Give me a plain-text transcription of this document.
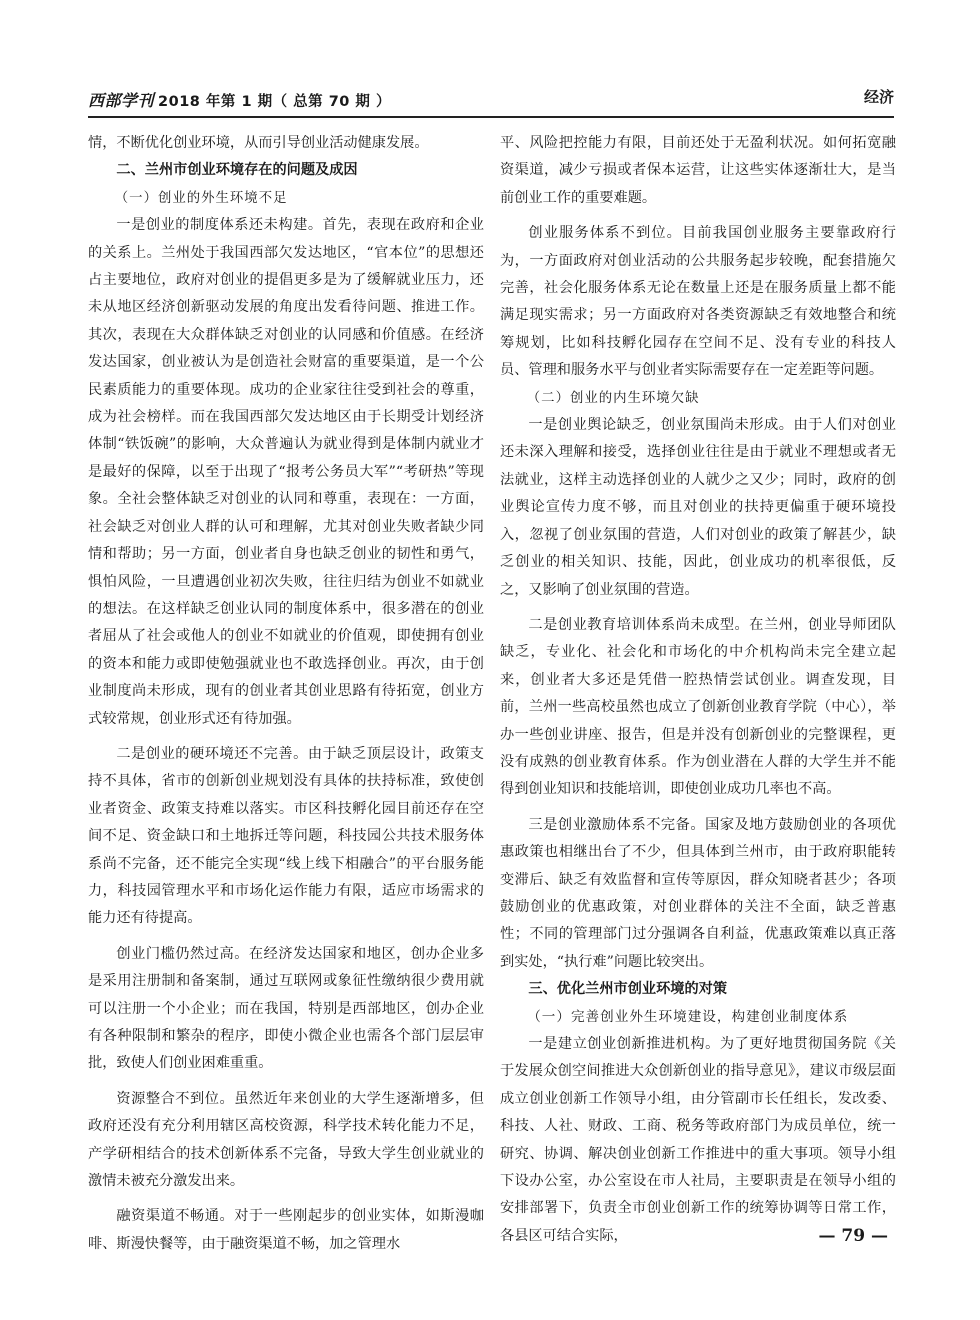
西部学刊 2018 年第 1 期（ 总第 70 期 ）	经济

情，不断优化创业环境，从而引导创业活动健康发展。

二、兰州市创业环境存在的问题及成因
（一）创业的外生环境不足

一是创业的制度体系还未构建。首先，表现在政府和企业的关系上。兰州处于我国西部欠发达地区，“官本位”的思想还占主要地位，政府对创业的提倡更多是为了缓解就业压力，还未从地区经济创新驱动发展的角度出发看待问题、推进工作。其次，表现在大众群体缺乏对创业的认同感和价值感。在经济发达国家，创业被认为是创造社会财富的重要渠道，是一个公民素质能力的重要体现。成功的企业家往往受到社会的尊重，成为社会榜样。而在我国西部欠发达地区由于长期受计划经济体制“铁饭碗”的影响，大众普遍认为就业得到是体制内就业才是最好的保障，以至于出现了“报考公务员大军”“考研热”等现象。全社会整体缺乏对创业的认同和尊重，表现在：一方面，社会缺乏对创业人群的认可和理解，尤其对创业失败者缺少同情和帮助；另一方面，创业者自身也缺乏创业的韧性和勇气，惧怕风险，一旦遭遇创业初次失败，往往归结为创业不如就业的想法。在这样缺乏创业认同的制度体系中，很多潜在的创业者屈从了社会或他人的创业不如就业的价值观，即使拥有创业的资本和能力或即使勉强就业也不敢选择创业。再次，由于创业制度尚未形成，现有的创业者其创业思路有待拓宽，创业方式较常规，创业形式还有待加强。

二是创业的硬环境还不完善。由于缺乏顶层设计，政策支持不具体，省市的创新创业规划没有具体的扶持标准，致使创业者资金、政策支持难以落实。市区科技孵化园目前还存在空间不足、资金缺口和土地拆迁等问题，科技园公共技术服务体系尚不完备，还不能完全实现“线上线下相融合”的平台服务能力，科技园管理水平和市场化运作能力有限，适应市场需求的能力还有待提高。

创业门槛仍然过高。在经济发达国家和地区，创办企业多是采用注册制和备案制，通过互联网或象征性缴纳很少费用就可以注册一个小企业；而在我国，特别是西部地区，创办企业有各种限制和繁杂的程序，即使小微企业也需各个部门层层审批，致使人们创业困难重重。

资源整合不到位。虽然近年来创业的大学生逐渐增多，但政府还没有充分利用辖区高校资源，科学技术转化能力不足，产学研相结合的技术创新体系不完备，导致大学生创业就业的激情未被充分激发出来。

融资渠道不畅通。对于一些刚起步的创业实体，如斯漫咖啡、斯漫快餐等，由于融资渠道不畅，加之管理水

平、风险把控能力有限，目前还处于无盈利状况。如何拓宽融资渠道，减少亏损或者保本运营，让这些实体逐渐壮大，是当前创业工作的重要难题。

创业服务体系不到位。目前我国创业服务主要靠政府行为，一方面政府对创业活动的公共服务起步较晚，配套措施欠完善，社会化服务体系无论在数量上还是在服务质量上都不能满足现实需求；另一方面政府对各类资源缺乏有效地整合和统筹规划，比如科技孵化园存在空间不足、没有专业的科技人员、管理和服务水平与创业者实际需要存在一定差距等问题。

（二）创业的内生环境欠缺

一是创业舆论缺乏，创业氛围尚未形成。由于人们对创业还未深入理解和接受，选择创业往往是由于就业不理想或者无法就业，这样主动选择创业的人就少之又少；同时，政府的创业舆论宣传力度不够，而且对创业的扶持更偏重于硬环境投入，忽视了创业氛围的营造，人们对创业的政策了解甚少，缺乏创业的相关知识、技能，因此，创业成功的机率很低，反之，又影响了创业氛围的营造。

二是创业教育培训体系尚未成型。在兰州，创业导师团队缺乏，专业化、社会化和市场化的中介机构尚未完全建立起来，创业者大多还是凭借一腔热情尝试创业。调查发现，目前，兰州一些高校虽然也成立了创新创业教育学院（中心），举办一些创业讲座、报告，但是并没有创新创业的完整课程，更没有成熟的创业教育体系。作为创业潜在人群的大学生并不能得到创业知识和技能培训，即使创业成功几率也不高。

三是创业激励体系不完备。国家及地方鼓励创业的各项优惠政策也相继出台了不少，但具体到兰州市，由于政府职能转变滞后、缺乏有效监督和宣传等原因，群众知晓者甚少；各项鼓励创业的优惠政策，对创业群体的关注不全面，缺乏普惠性；不同的管理部门过分强调各自利益，优惠政策难以真正落到实处，“执行难”问题比较突出。

三、优化兰州市创业环境的对策
（一）完善创业外生环境建设，构建创业制度体系

一是建立创业创新推进机构。为了更好地贯彻国务院《关于发展众创空间推进大众创新创业的指导意见》，建议市级层面成立创业创新工作领导小组，由分管副市长任组长，发改委、科技、人社、财政、工商、税务等政府部门为成员单位，统一研究、协调、解决创业创新工作推进中的重大事项。领导小组下设办公室，办公室设在市人社局，主要职责是在领导小组的安排部署下，负责全市创业创新工作的统筹协调等日常工作，各县区可结合实际，	— 79 —
